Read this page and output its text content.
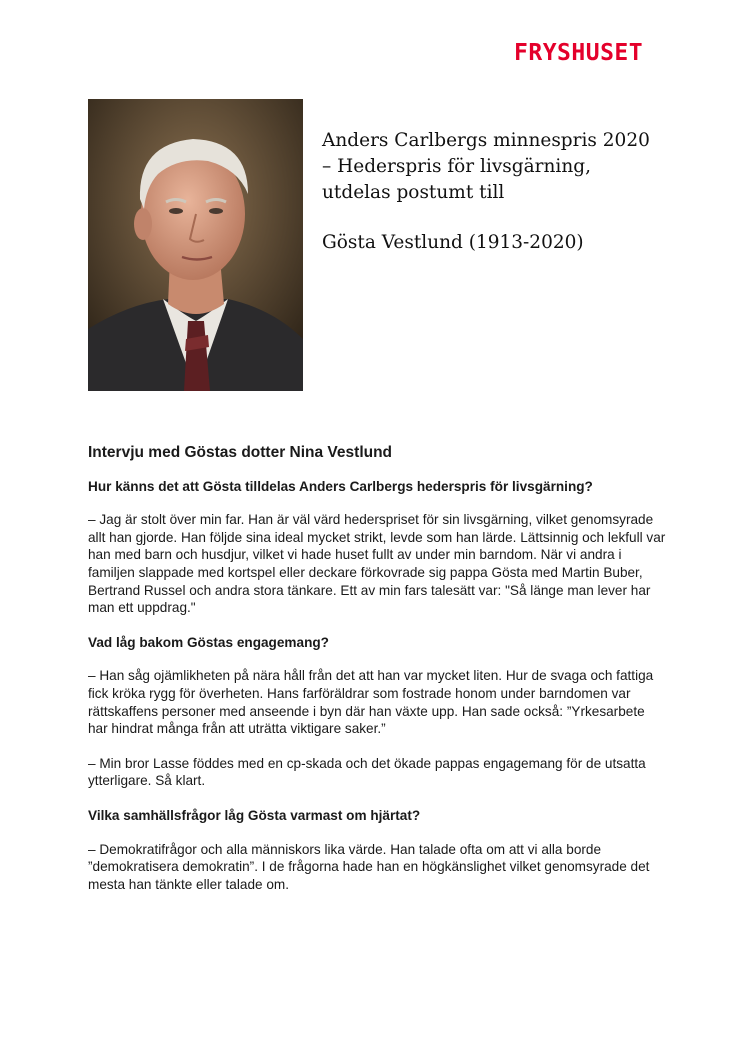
FRYSHUSET
Anders Carlbergs minnespris 2020
– Hederspris för livsgärning,
utdelas postumt till
Gösta Vestlund (1913-2020)
Intervju med Göstas dotter Nina Vestlund
Hur känns det att Gösta tilldelas Anders Carlbergs hederspris för livsgärning?
– Jag är stolt över min far. Han är väl värd hederspriset för sin livsgärning, vilket genomsyrade allt han gjorde. Han följde sina ideal mycket strikt, levde som han lärde. Lättsinnig och lekfull var han med barn och husdjur, vilket vi hade huset fullt av under min barndom. När vi andra i familjen slappade med kortspel eller deckare förkovrade sig pappa Gösta med Martin Buber, Bertrand Russel och andra stora tänkare. Ett av min fars talesätt var: "Så länge man lever har man ett uppdrag."
Vad låg bakom Göstas engagemang?
– Han såg ojämlikheten på nära håll från det att han var mycket liten. Hur de svaga och fattiga fick kröka rygg för överheten. Hans farföräldrar som fostrade honom under barndomen var rättskaffens personer med anseende i byn där han växte upp. Han sade också: ”Yrkesarbete har hindrat många från att uträtta viktigare saker.”
– Min bror Lasse föddes med en cp-skada och det ökade pappas engagemang för de utsatta ytterligare. Så klart.
Vilka samhällsfrågor låg Gösta varmast om hjärtat?
– Demokratifrågor och alla människors lika värde. Han talade ofta om att vi alla borde ”demokratisera demokratin”. I de frågorna hade han en högkänslighet vilket genomsyrade det mesta han tänkte eller talade om.
